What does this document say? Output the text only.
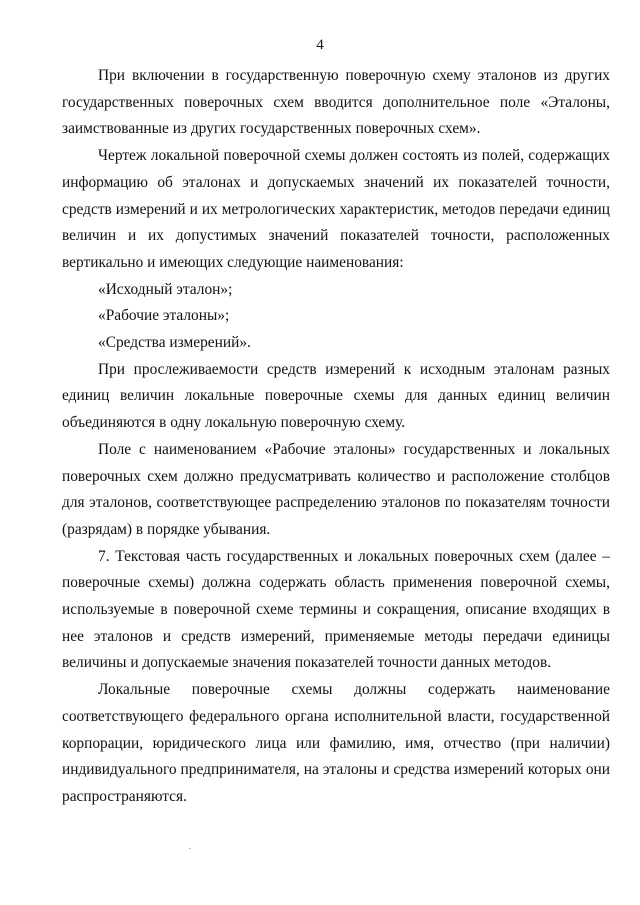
4

При включении в государственную поверочную схему эталонов из других государственных поверочных схем вводится дополнительное поле «Эталоны, заимствованные из других государственных поверочных схем».

Чертеж локальной поверочной схемы должен состоять из полей, содержащих информацию об эталонах и допускаемых значений их показателей точности, средств измерений и их метрологических характеристик, методов передачи единиц величин и их допустимых значений показателей точности, расположенных вертикально и имеющих следующие наименования:

«Исходный эталон»;

«Рабочие эталоны»;

«Средства измерений».

При прослеживаемости средств измерений к исходным эталонам разных единиц величин локальные поверочные схемы для данных единиц величин объединяются в одну локальную поверочную схему.

Поле с наименованием «Рабочие эталоны» государственных и локальных поверочных схем должно предусматривать количество и расположение столбцов для эталонов, соответствующее распределению эталонов по показателям точности (разрядам) в порядке убывания.

7. Текстовая часть государственных и локальных поверочных схем (далее – поверочные схемы) должна содержать область применения поверочной схемы, используемые в поверочной схеме термины и сокращения, описание входящих в нее эталонов и средств измерений, применяемые методы передачи единицы величины и допускаемые значения показателей точности данных методов.

Локальные поверочные схемы должны содержать наименование соответствующего федерального органа исполнительной власти, государственной корпорации, юридического лица или фамилию, имя, отчество (при наличии) индивидуального предпринимателя, на эталоны и средства измерений которых они распространяются.
